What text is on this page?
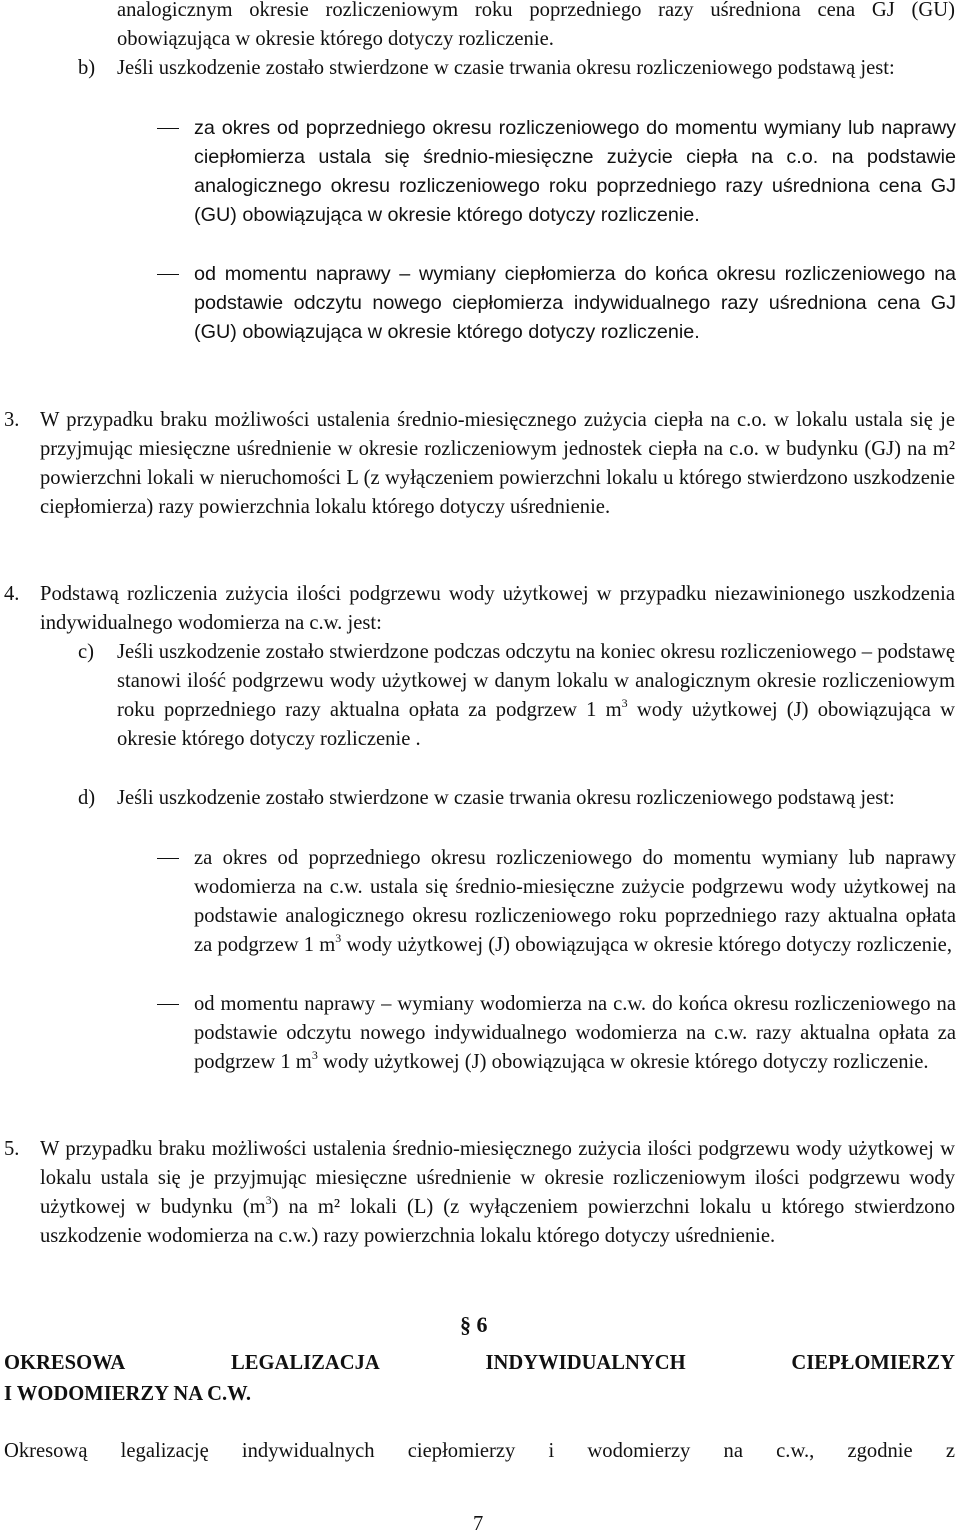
analogicznym okresie rozliczeniowym roku poprzedniego razy uśredniona cena GJ (GU) obowiązująca w okresie którego dotyczy rozliczenie.
b) Jeśli uszkodzenie zostało stwierdzone w czasie trwania okresu rozliczeniowego podstawą jest:
za okres od poprzedniego okresu rozliczeniowego do momentu wymiany lub naprawy ciepłomierza ustala się średnio-miesięczne zużycie ciepła na c.o. na podstawie analogicznego okresu rozliczeniowego roku poprzedniego razy uśredniona cena GJ (GU) obowiązująca w okresie którego dotyczy rozliczenie.
od momentu naprawy – wymiany ciepłomierza do końca okresu rozliczeniowego na podstawie odczytu nowego ciepłomierza indywidualnego razy uśredniona cena GJ (GU) obowiązująca w okresie którego dotyczy rozliczenie.
3. W przypadku braku możliwości ustalenia średnio-miesięcznego zużycia ciepła na c.o. w lokalu ustala się je przyjmując miesięczne uśrednienie w okresie rozliczeniowym jednostek ciepła na c.o. w budynku (GJ) na m² powierzchni lokali w nieruchomości L (z wyłączeniem powierzchni lokalu u którego stwierdzono uszkodzenie ciepłomierza) razy powierzchnia lokalu którego dotyczy uśrednienie.
4. Podstawą rozliczenia zużycia ilości podgrzewu wody użytkowej w przypadku niezawinionego uszkodzenia indywidualnego wodomierza na c.w. jest:
c) Jeśli uszkodzenie zostało stwierdzone podczas odczytu na koniec okresu rozliczeniowego – podstawę stanowi ilość podgrzewu wody użytkowej w danym lokalu w analogicznym okresie rozliczeniowym roku poprzedniego razy aktualna opłata za podgrzew 1 $m^3$ wody użytkowej (J) obowiązująca w okresie którego dotyczy rozliczenie .
d) Jeśli uszkodzenie zostało stwierdzone w czasie trwania okresu rozliczeniowego podstawą jest:
za okres od poprzedniego okresu rozliczeniowego do momentu wymiany lub naprawy wodomierza na c.w. ustala się średnio-miesięczne zużycie podgrzewu wody użytkowej na podstawie analogicznego okresu rozliczeniowego roku poprzedniego razy aktualna opłata za podgrzew 1 $m^3$ wody użytkowej (J) obowiązująca w okresie którego dotyczy rozliczenie,
od momentu naprawy – wymiany wodomierza na c.w. do końca okresu rozliczeniowego na podstawie odczytu nowego indywidualnego wodomierza na c.w. razy aktualna opłata za podgrzew 1 $m^3$ wody użytkowej (J) obowiązująca w okresie którego dotyczy rozliczenie.
5. W przypadku braku możliwości ustalenia średnio-miesięcznego zużycia ilości podgrzewu wody użytkowej w lokalu ustala się je przyjmując miesięczne uśrednienie w okresie rozliczeniowym ilości podgrzewu wody użytkowej w budynku $(m^3)$ na m² lokali (L) (z wyłączeniem powierzchni lokalu u którego stwierdzono uszkodzenie wodomierza na c.w.) razy powierzchnia lokalu którego dotyczy uśrednienie.
§ 6
OKRESOWA	LEGALIZACJA	INDYWIDUALNYCH	CIEPŁOMIERZY
I WODOMIERZY NA C.W.
Okresową legalizację indywidualnych ciepłomierzy i wodomierzy na c.w., zgodnie z
7
